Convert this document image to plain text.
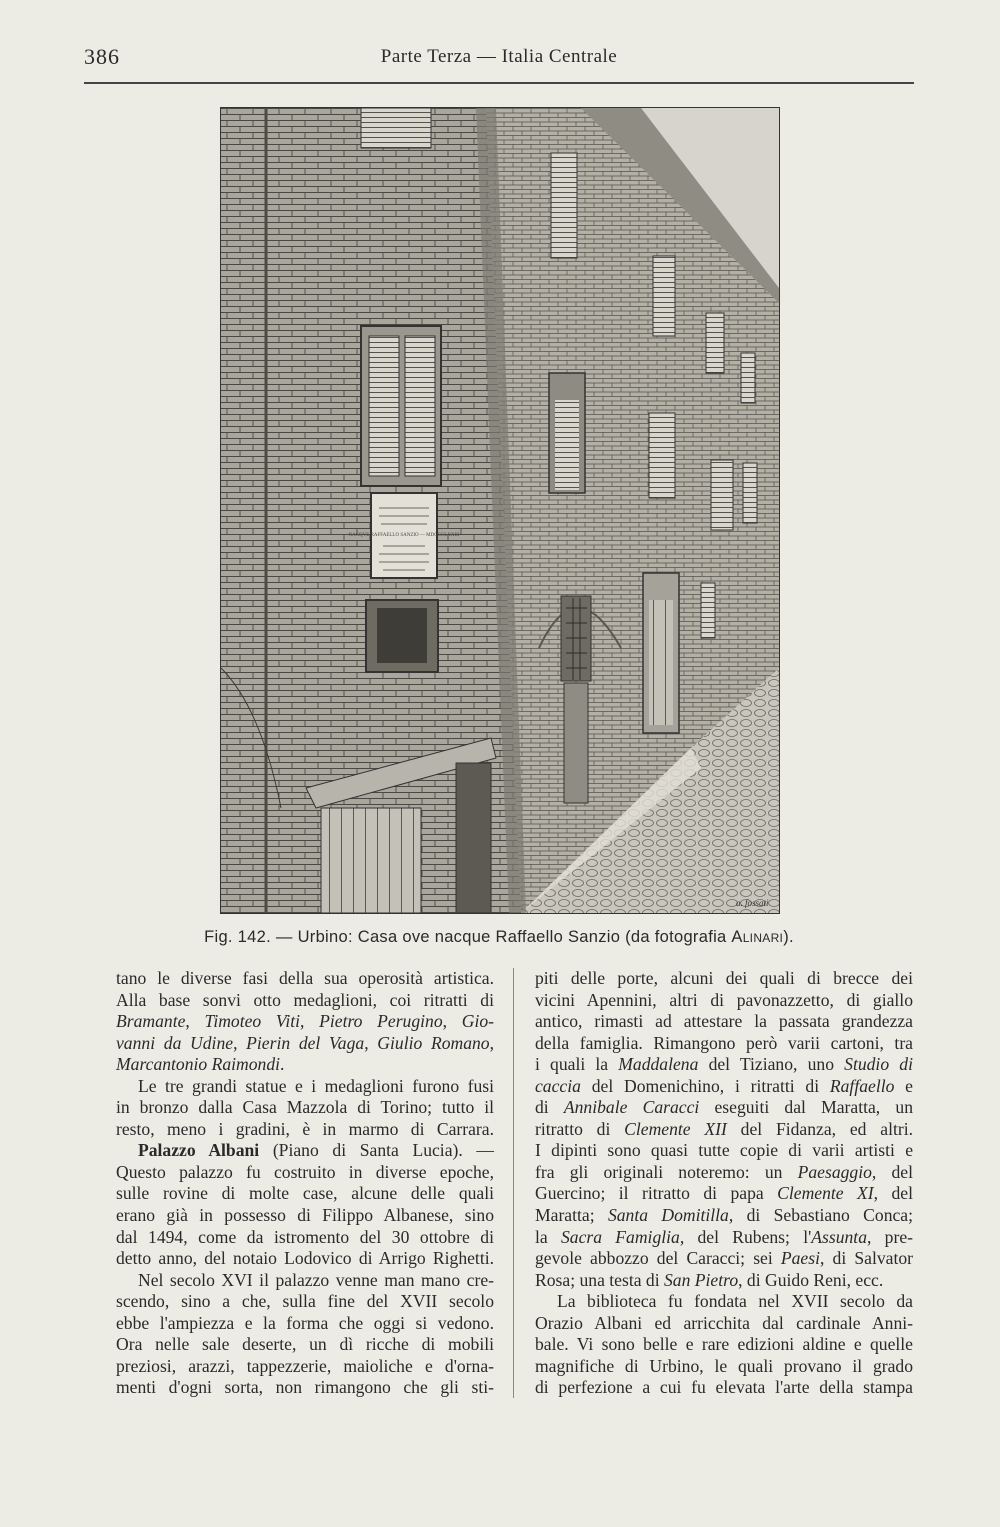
386	Parte Terza — Italia Centrale
NACQVE RAFFAELLO SANZIO — MDCCCLXXIII
a. fossati
Fig. 142. — Urbino: Casa ove nacque Raffaello Sanzio (da fotografia Alinari).
tano le diverse fasi della sua operosità artistica.
Alla base sonvi otto medaglioni, coi ritratti di
Bramante, Timoteo Viti, Pietro Perugino, Gio-
vanni da Udine, Pierin del Vaga, Giulio Romano,
Marcantonio Raimondi.
Le tre grandi statue e i medaglioni furono fusi
in bronzo dalla Casa Mazzola di Torino; tutto il
resto, meno i gradini, è in marmo di Carrara.
Palazzo Albani (Piano di Santa Lucia). —
Questo palazzo fu costruito in diverse epoche,
sulle rovine di molte case, alcune delle quali
erano già in possesso di Filippo Albanese, sino
dal 1494, come da istromento del 30 ottobre di
detto anno, del notaio Lodovico di Arrigo Righetti.
Nel secolo XVI il palazzo venne man mano cre-
scendo, sino a che, sulla fine del XVII secolo
ebbe l'ampiezza e la forma che oggi si vedono.
Ora nelle sale deserte, un dì ricche di mobili
preziosi, arazzi, tappezzerie, maioliche e d'orna-
menti d'ogni sorta, non rimangono che gli sti-
piti delle porte, alcuni dei quali di brecce dei
vicini Apennini, altri di pavonazzetto, di giallo
antico, rimasti ad attestare la passata grandezza
della famiglia. Rimangono però varii cartoni, tra
i quali la Maddalena del Tiziano, uno Studio di
caccia del Domenichino, i ritratti di Raffaello e
di Annibale Caracci eseguiti dal Maratta, un
ritratto di Clemente XII del Fidanza, ed altri.
I dipinti sono quasi tutte copie di varii artisti e
fra gli originali noteremo: un Paesaggio, del
Guercino; il ritratto di papa Clemente XI, del
Maratta; Santa Domitilla, di Sebastiano Conca;
la Sacra Famiglia, del Rubens; l'Assunta, pre-
gevole abbozzo del Caracci; sei Paesi, di Salvator
Rosa; una testa di San Pietro, di Guido Reni, ecc.
La biblioteca fu fondata nel XVII secolo da
Orazio Albani ed arricchita dal cardinale Anni-
bale. Vi sono belle e rare edizioni aldine e quelle
magnifiche di Urbino, le quali provano il grado
di perfezione a cui fu elevata l'arte della stampa
